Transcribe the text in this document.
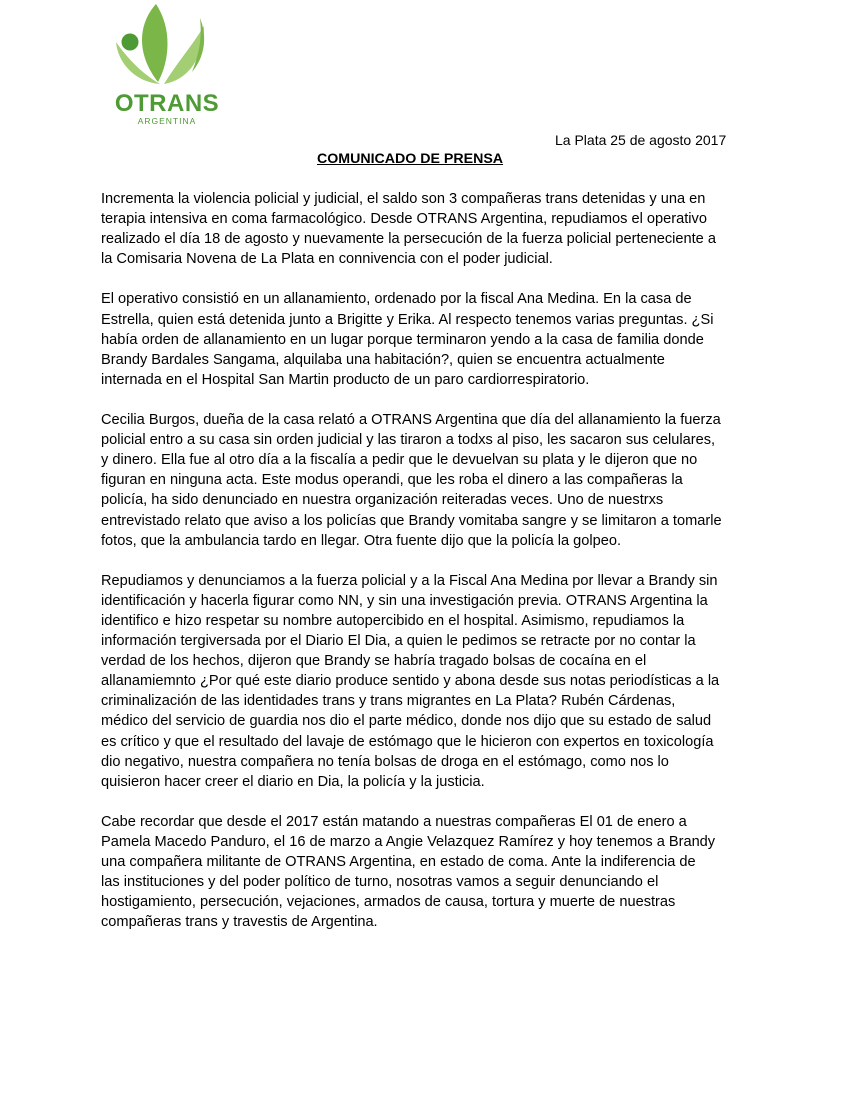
OTRANS
ARGENTINA
La Plata 25 de agosto 2017
COMUNICADO DE PRENSA

Incrementa la violencia policial y judicial, el saldo son 3 compañeras trans detenidas y una en
terapia intensiva en coma farmacológico. Desde OTRANS Argentina, repudiamos el operativo
realizado el día 18 de agosto y nuevamente la persecución de la fuerza policial perteneciente a
la Comisaria Novena de La Plata en connivencia con el poder judicial.

El operativo consistió en un allanamiento, ordenado por la fiscal Ana Medina. En la casa de
Estrella, quien está detenida junto a Brigitte y Erika. Al respecto tenemos varias preguntas. ¿Si
había orden de allanamiento en un lugar porque terminaron yendo a la casa de familia donde
Brandy Bardales Sangama, alquilaba una habitación?, quien se encuentra actualmente
internada en el Hospital San Martin producto de un paro cardiorrespiratorio.

Cecilia Burgos, dueña de la casa relató a OTRANS Argentina que día del allanamiento la fuerza
policial entro a su casa sin orden judicial y las tiraron a todxs al piso, les sacaron sus celulares,
y dinero. Ella fue al otro día a la fiscalía a pedir que le devuelvan su plata y le dijeron que no
figuran en ninguna acta. Este modus operandi, que les roba el dinero a las compañeras la
policía, ha sido denunciado en nuestra organización reiteradas veces. Uno de nuestrxs
entrevistado relato que aviso a los policías que Brandy vomitaba sangre y se limitaron a tomarle
fotos, que la ambulancia tardo en llegar. Otra fuente dijo que la policía la golpeo.

Repudiamos y denunciamos a la fuerza policial y a la Fiscal Ana Medina por llevar a Brandy sin
identificación y hacerla figurar como NN, y sin una investigación previa. OTRANS Argentina la
identifico e hizo respetar su nombre autopercibido en el hospital. Asimismo, repudiamos la
información tergiversada por el Diario El Dia, a quien le pedimos se retracte por no contar la
verdad de los hechos, dijeron que Brandy se habría tragado bolsas de cocaína en el
allanamiemnto ¿Por qué este diario produce sentido y abona desde sus notas periodísticas a la
criminalización de las identidades trans y trans migrantes en La Plata? Rubén Cárdenas,
médico del servicio de guardia nos dio el parte médico, donde nos dijo que su estado de salud
es crítico y que el resultado del lavaje de estómago que le hicieron con expertos en toxicología
dio negativo, nuestra compañera no tenía bolsas de droga en el estómago, como nos lo
quisieron hacer creer el diario en Dia, la policía y la justicia.

Cabe recordar que desde el 2017 están matando a nuestras compañeras El 01 de enero a
Pamela Macedo Panduro, el 16 de marzo a Angie Velazquez Ramírez y hoy tenemos a Brandy
una compañera militante de OTRANS Argentina, en estado de coma. Ante la indiferencia de
las instituciones y del poder político de turno, nosotras vamos a seguir denunciando el
hostigamiento, persecución, vejaciones, armados de causa, tortura y muerte de nuestras
compañeras trans y travestis de Argentina.
